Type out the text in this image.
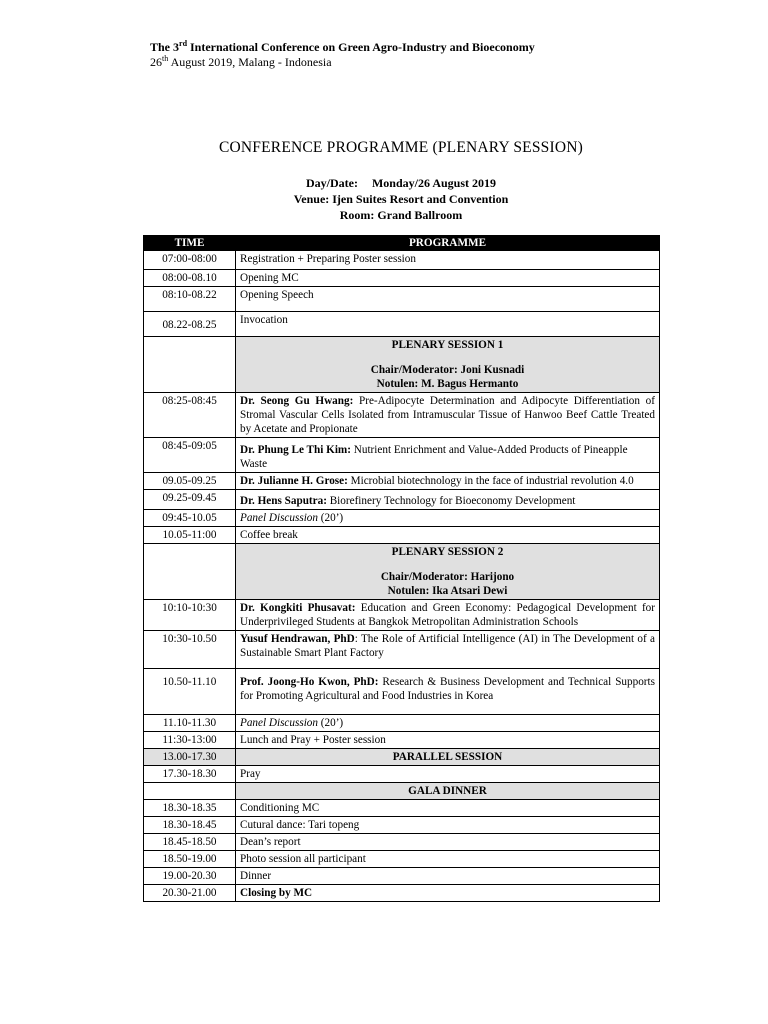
The 3rd International Conference on Green Agro-Industry and Bioeconomy
26th August 2019, Malang - Indonesia
CONFERENCE PROGRAMME (PLENARY SESSION)
Day/Date: Monday/26 August 2019
Venue: Ijen Suites Resort and Convention
Room: Grand Ballroom
TIME	PROGRAMME
07:00-08:00	Registration + Preparing Poster session
08:00-08.10	Opening MC
08:10-08.22	Opening Speech
08.22-08.25	Invocation

	PLENARY SESSION 1
Chair/Moderator: Joni Kusnadi
Notulen: M. Bagus Hermanto

08:25-08:45	Dr. Seong Gu Hwang: Pre-Adipocyte Determination and Adipocyte Differentiation of Stromal Vascular Cells Isolated from Intramuscular Tissue of Hanwoo Beef Cattle Treated by Acetate and Propionate
08:45-09:05	Dr. Phung Le Thi Kim: Nutrient Enrichment and Value-Added Products of Pineapple Waste
09.05-09.25	Dr. Julianne H. Grose: Microbial biotechnology in the face of industrial revolution 4.0
09.25-09.45	Dr. Hens Saputra: Biorefinery Technology for Bioeconomy Development
09:45-10.05	Panel Discussion (20’)
10.05-11:00	Coffee break

	PLENARY SESSION 2
Chair/Moderator: Harijono
Notulen: Ika Atsari Dewi

10:10-10:30	Dr. Kongkiti Phusavat: Education and Green Economy: Pedagogical Development for Underprivileged Students at Bangkok Metropolitan Administration Schools
10:30-10.50	Yusuf Hendrawan, PhD: The Role of Artificial Intelligence (AI) in The Development of a Sustainable Smart Plant Factory
10.50-11.10	Prof. Joong-Ho Kwon, PhD: Research & Business Development and Technical Supports for Promoting Agricultural and Food Industries in Korea
11.10-11.30	Panel Discussion (20’)
11:30-13:00	Lunch and Pray + Poster session
13.00-17.30	PARALLEL SESSION
17.30-18.30	Pray
	GALA DINNER
18.30-18.35	Conditioning MC
18.30-18.45	Cutural dance: Tari topeng
18.45-18.50	Dean’s report
18.50-19.00	Photo session all participant
19.00-20.30	Dinner
20.30-21.00	Closing by MC
